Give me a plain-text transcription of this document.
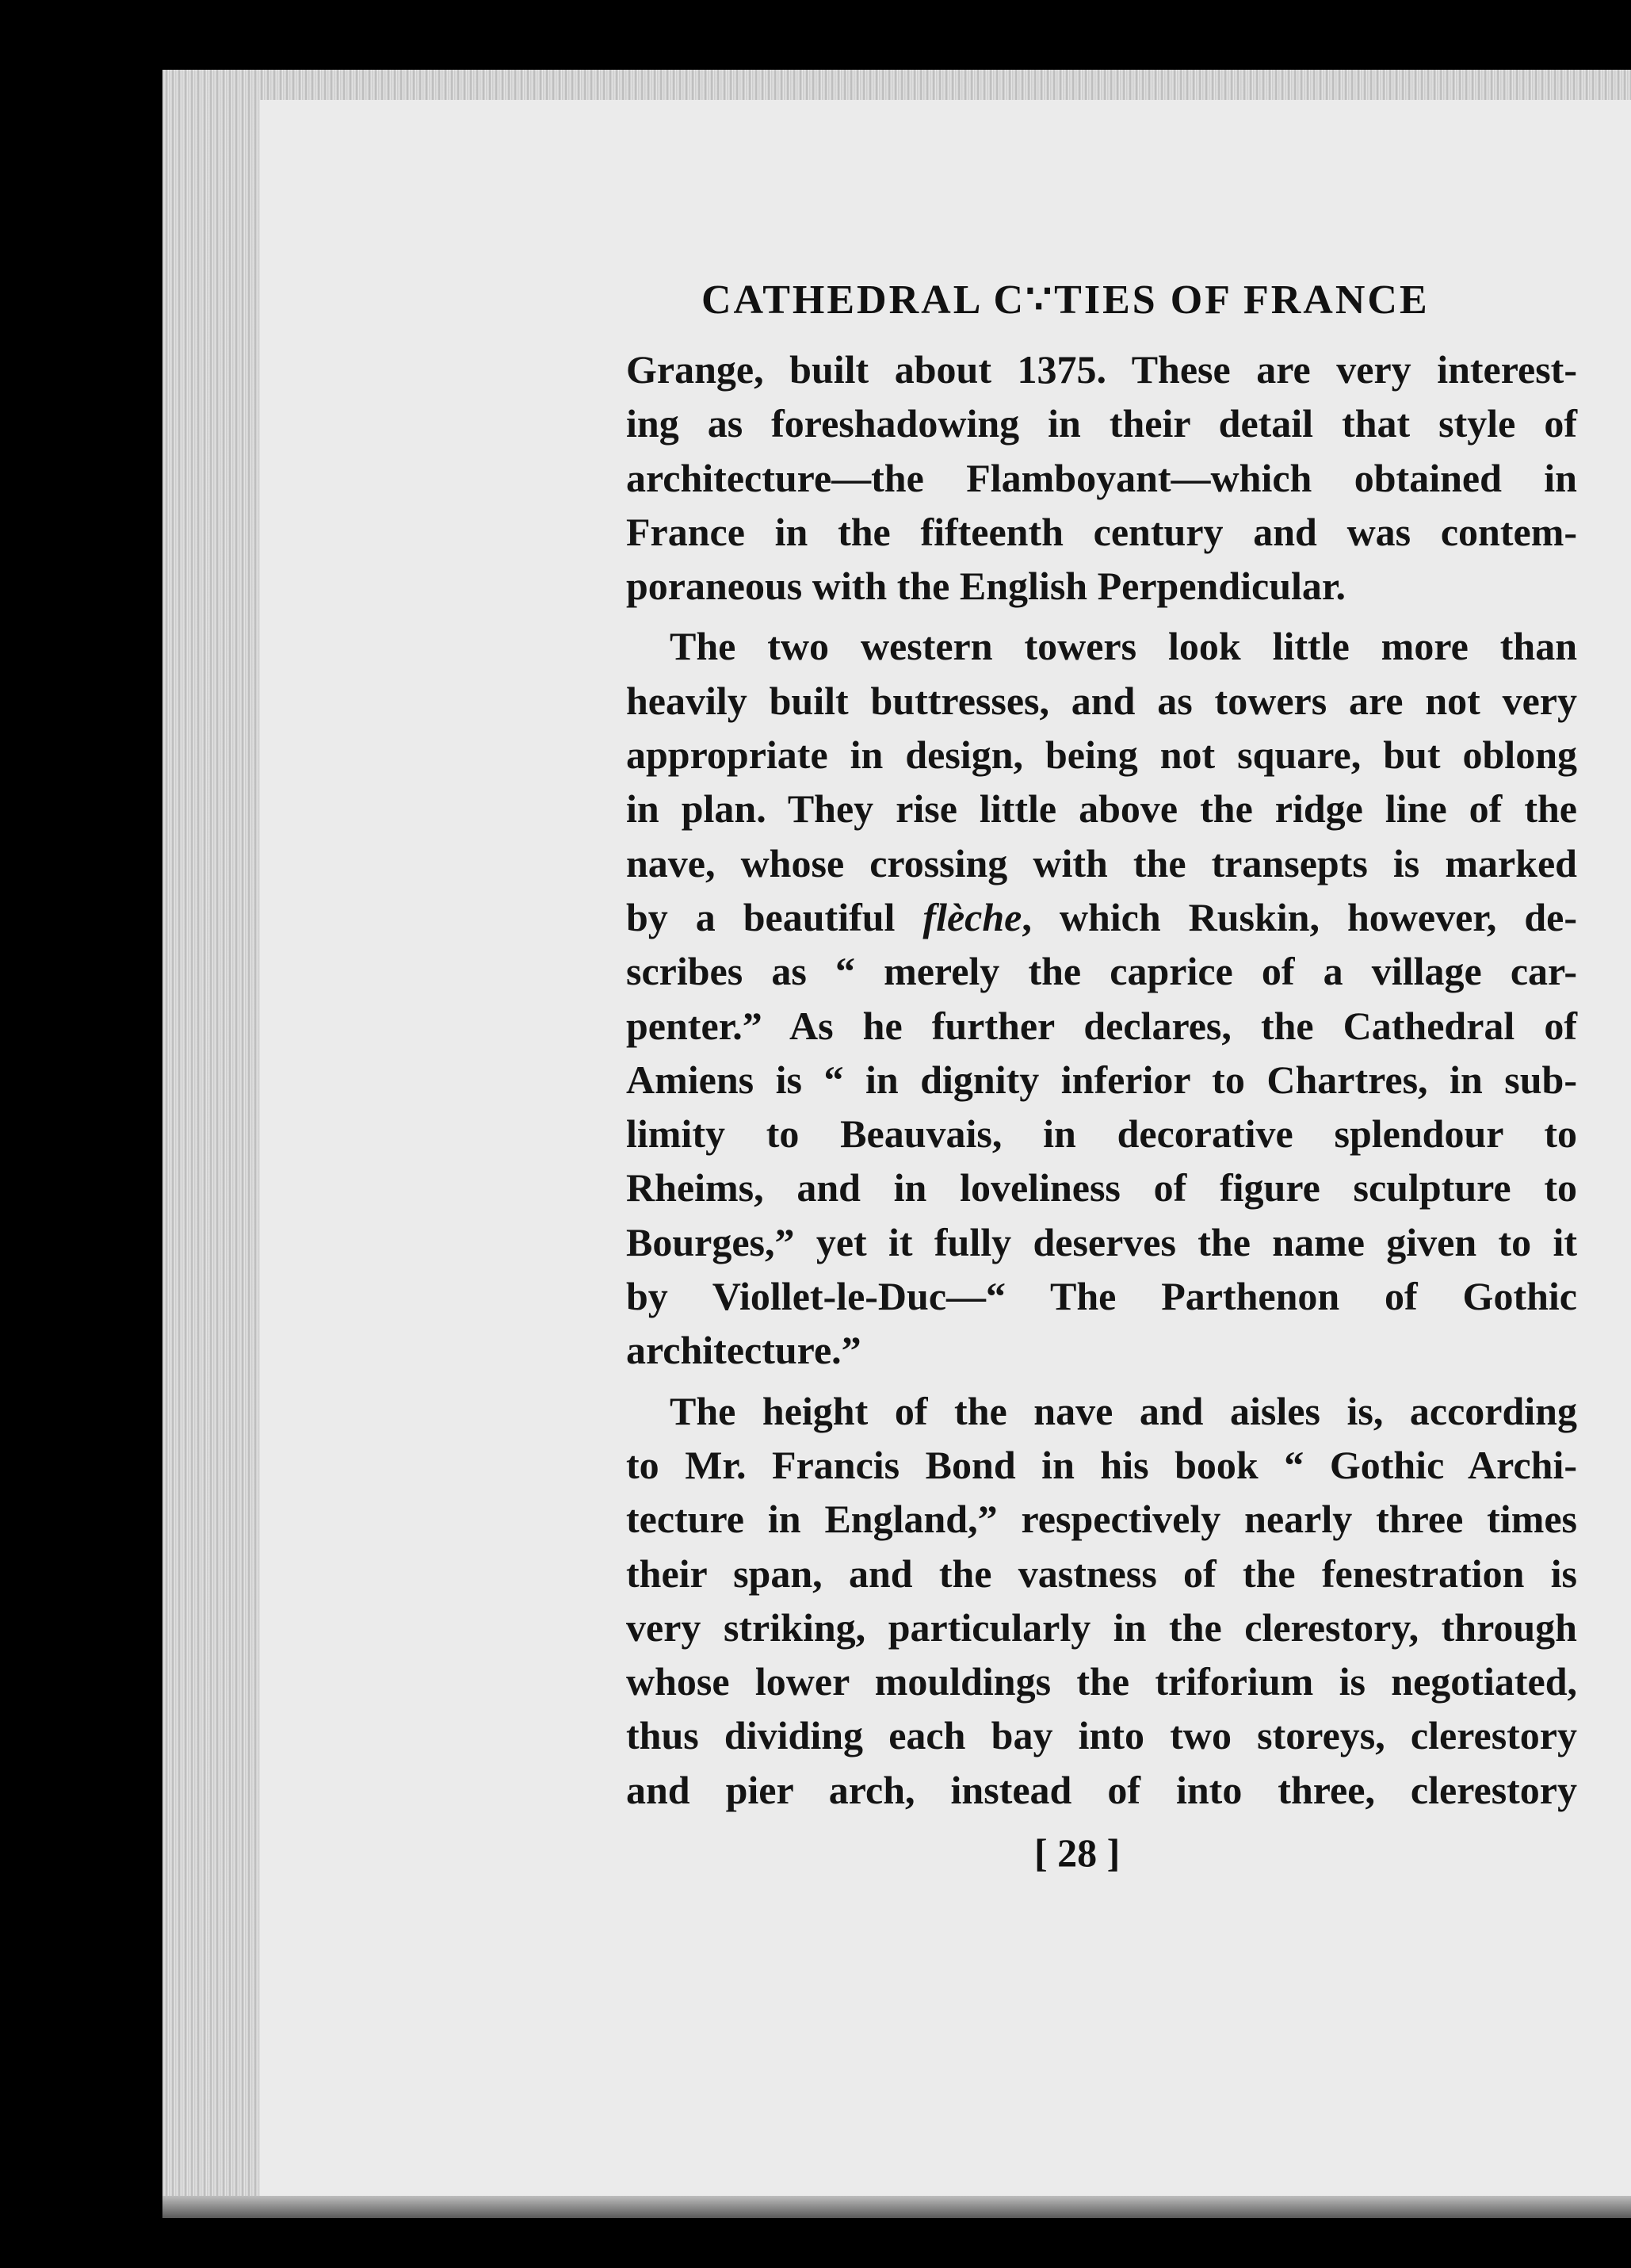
CATHEDRAL C∵TIES OF FRANCE
Grange, built about 1375. These are very interest-
ing as foreshadowing in their detail that style of
architecture—the Flamboyant—which obtained in
France in the fifteenth century and was contem-
poraneous with the English Perpendicular.
The two western towers look little more than
heavily built buttresses, and as towers are not very
appropriate in design, being not square, but oblong
in plan. They rise little above the ridge line of the
nave, whose crossing with the transepts is marked
by a beautiful flèche, which Ruskin, however, de-
scribes as “ merely the caprice of a village car-
penter.” As he further declares, the Cathedral of
Amiens is “ in dignity inferior to Chartres, in sub-
limity to Beauvais, in decorative splendour to
Rheims, and in loveliness of figure sculpture to
Bourges,” yet it fully deserves the name given to it
by Viollet-le-Duc—“ The Parthenon of Gothic
architecture.”
The height of the nave and aisles is, according
to Mr. Francis Bond in his book “ Gothic Archi-
tecture in England,” respectively nearly three times
their span, and the vastness of the fenestration is
very striking, particularly in the clerestory, through
whose lower mouldings the triforium is negotiated,
thus dividing each bay into two storeys, clerestory
and pier arch, instead of into three, clerestory
[ 28 ]
